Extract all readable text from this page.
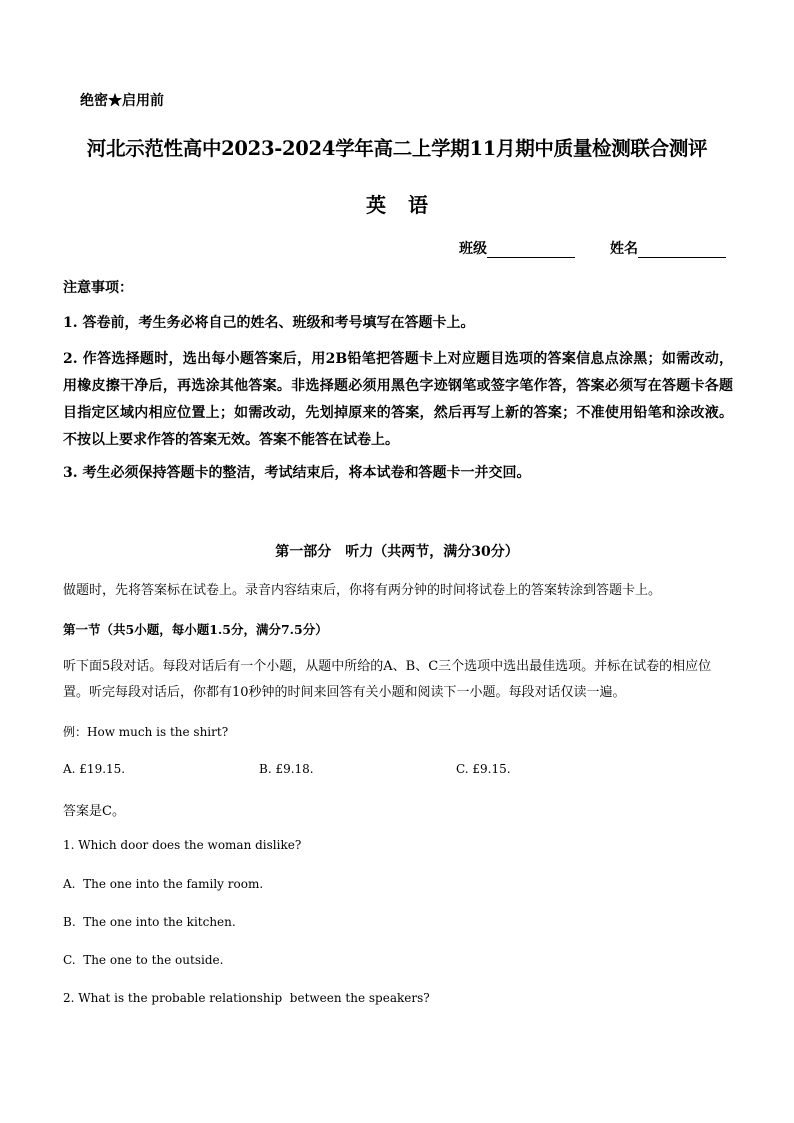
绝密★启用前

河北示范性高中2023-2024学年高二上学期11月期中质量检测联合测评

英 语

班级	姓名

注意事项：

1. 答卷前，考生务必将自己的姓名、班级和考号填写在答题卡上。

2. 作答选择题时，选出每小题答案后，用2B铅笔把答题卡上对应题目选项的答案信息点涂黑；如需改动，用橡皮擦干净后，再选涂其他答案。非选择题必须用黑色字迹钢笔或签字笔作答，答案必须写在答题卡各题目指定区域内相应位置上；如需改动，先划掉原来的答案，然后再写上新的答案；不准使用铅笔和涂改液。不按以上要求作答的答案无效。答案不能答在试卷上。

3. 考生必须保持答题卡的整洁，考试结束后，将本试卷和答题卡一并交回。

第一部分　听力（共两节，满分30分）

做题时，先将答案标在试卷上。录音内容结束后，你将有两分钟的时间将试卷上的答案转涂到答题卡上。

第一节（共5小题，每小题1.5分，满分7.5分）

听下面5段对话。每段对话后有一个小题，从题中所给的A、B、C三个选项中选出最佳选项。并标在试卷的相应位置。听完每段对话后，你都有10秒钟的时间来回答有关小题和阅读下一小题。每段对话仅读一遍。

例：How much is the shirt?

A. £19.15.	B. £9.18.	C. £9.15.

答案是C。

1. Which door does the woman dislike?

A.  The one into the family room.

B.  The one into the kitchen.

C.  The one to the outside.

2. What is the probable relationship  between the speakers?
